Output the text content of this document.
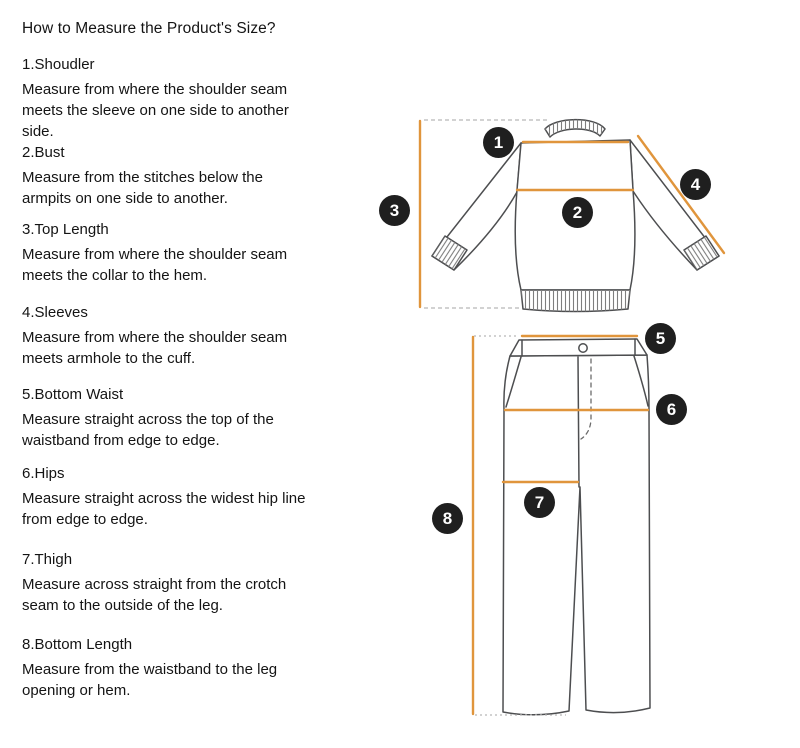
How to Measure the Product's Size?
1.Shoudler

Measure from where the shoulder seam meets the sleeve on one side to another side.

2.Bust

Measure from the stitches below the armpits on one side to another.

3.Top Length

Measure from where the shoulder seam meets the collar to the hem.

4.Sleeves

Measure from where the shoulder seam meets armhole to the cuff.

5.Bottom Waist

Measure straight across the top of the waistband from edge to edge.

6.Hips

Measure straight across the widest hip line from edge to edge.

7.Thigh

Measure across straight from the crotch seam to the outside of the leg.

8.Bottom Length

Measure from the waistband to the leg opening or hem.

1
2
3
4
5
6
7
8
